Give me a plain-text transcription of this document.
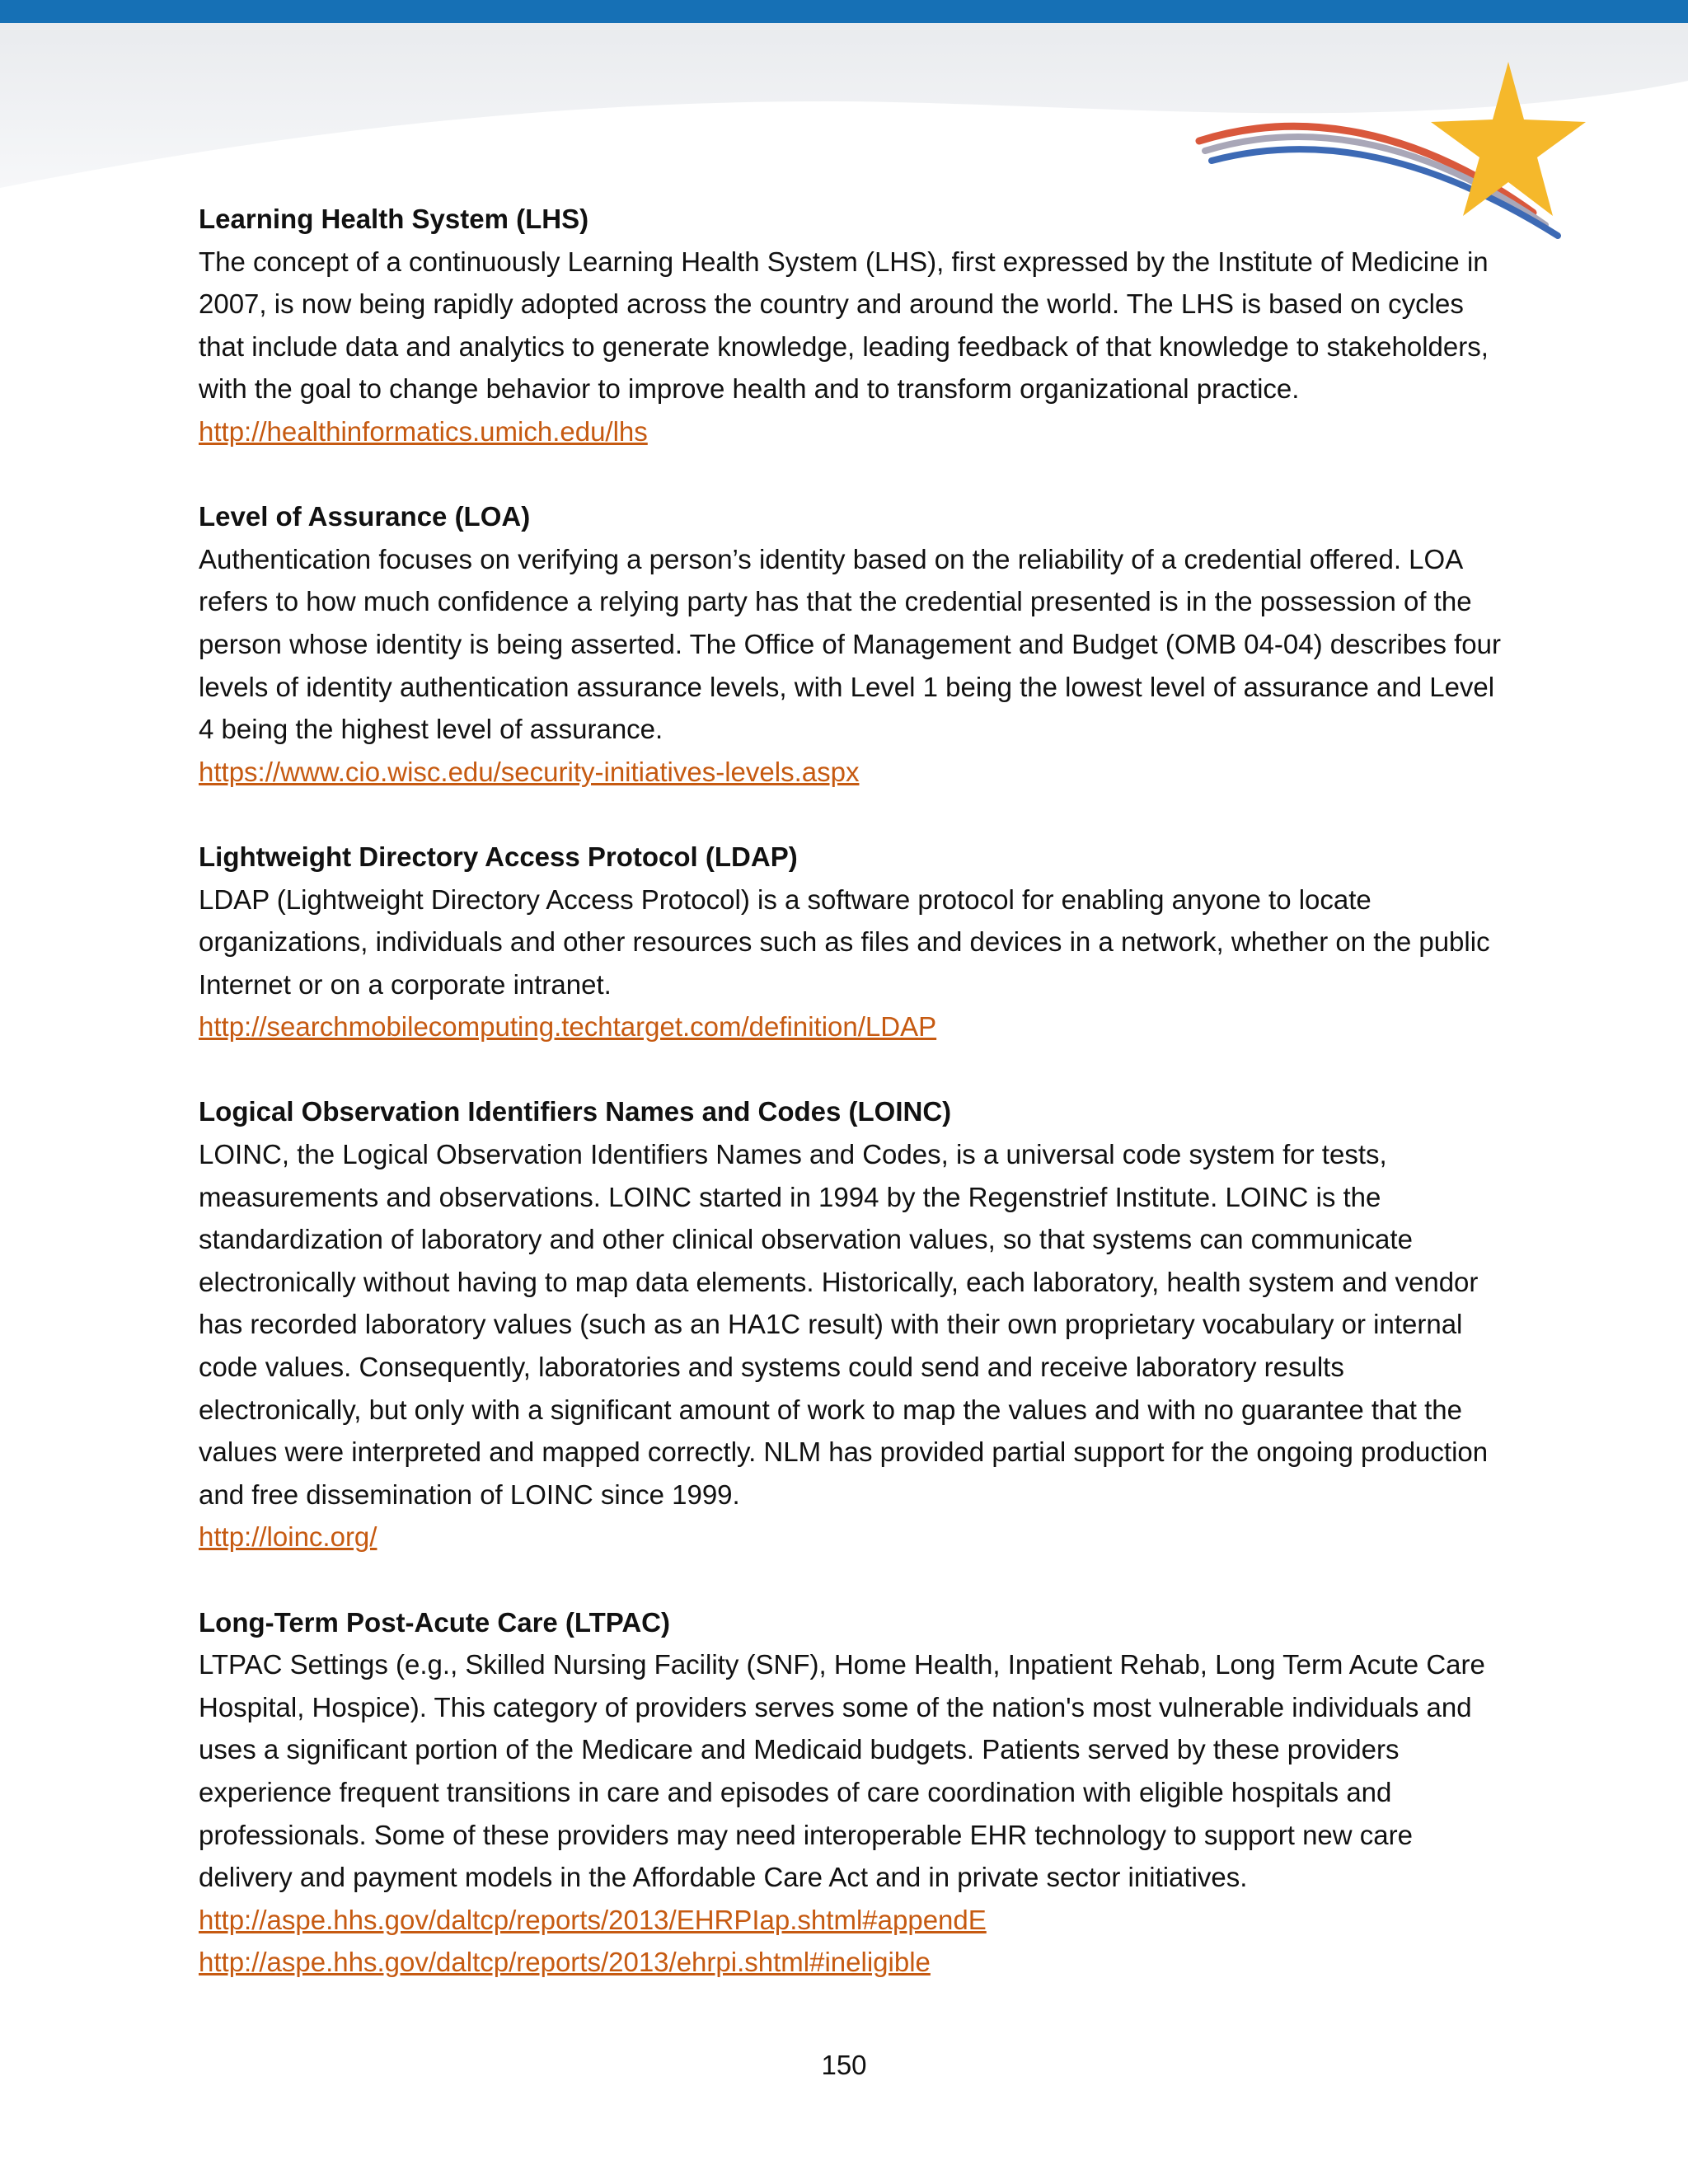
Learning Health System (LHS)
The concept of a continuously Learning Health System (LHS), first expressed by the Institute of Medicine in 2007, is now being rapidly adopted across the country and around the world. The LHS is based on cycles that include data and analytics to generate knowledge, leading feedback of that knowledge to stakeholders, with the goal to change behavior to improve health and to transform organizational practice.
http://healthinformatics.umich.edu/lhs
Level of Assurance (LOA)
Authentication focuses on verifying a person’s identity based on the reliability of a credential offered. LOA refers to how much confidence a relying party has that the credential presented is in the possession of the person whose identity is being asserted. The Office of Management and Budget (OMB 04-04) describes four levels of identity authentication assurance levels, with Level 1 being the lowest level of assurance and Level 4 being the highest level of assurance.
https://www.cio.wisc.edu/security-initiatives-levels.aspx
Lightweight Directory Access Protocol (LDAP)
LDAP (Lightweight Directory Access Protocol) is a software protocol for enabling anyone to locate organizations, individuals and other resources such as files and devices in a network, whether on the public Internet or on a corporate intranet.
http://searchmobilecomputing.techtarget.com/definition/LDAP
Logical Observation Identifiers Names and Codes (LOINC)
LOINC, the Logical Observation Identifiers Names and Codes, is a universal code system for tests, measurements and observations. LOINC started in 1994 by the Regenstrief Institute. LOINC is the standardization of laboratory and other clinical observation values, so that systems can communicate electronically without having to map data elements. Historically, each laboratory, health system and vendor has recorded laboratory values (such as an HA1C result) with their own proprietary vocabulary or internal code values. Consequently, laboratories and systems could send and receive laboratory results electronically, but only with a significant amount of work to map the values and with no guarantee that the values were interpreted and mapped correctly. NLM has provided partial support for the ongoing production and free dissemination of LOINC since 1999.
http://loinc.org/
Long-Term Post-Acute Care (LTPAC)
LTPAC Settings (e.g., Skilled Nursing Facility (SNF), Home Health, Inpatient Rehab, Long Term Acute Care Hospital, Hospice). This category of providers serves some of the nation's most vulnerable individuals and uses a significant portion of the Medicare and Medicaid budgets. Patients served by these providers experience frequent transitions in care and episodes of care coordination with eligible hospitals and professionals. Some of these providers may need interoperable EHR technology to support new care delivery and payment models in the Affordable Care Act and in private sector initiatives.
http://aspe.hhs.gov/daltcp/reports/2013/EHRPIap.shtml#appendE
http://aspe.hhs.gov/daltcp/reports/2013/ehrpi.shtml#ineligible
150
